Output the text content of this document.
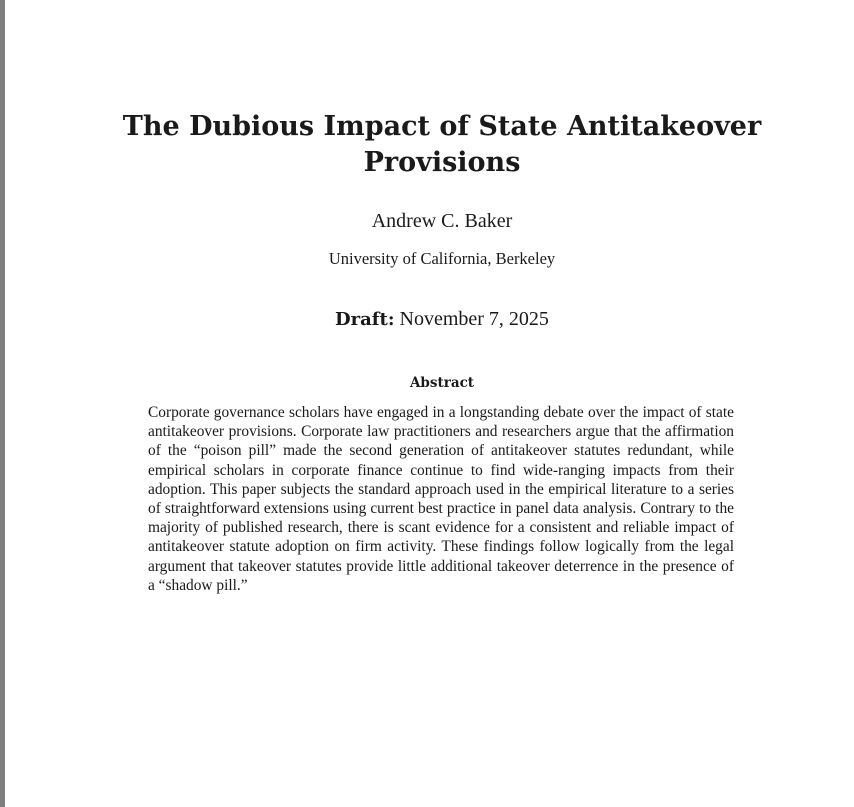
The Dubious Impact of State Antitakeover Provisions
Andrew C. Baker
University of California, Berkeley
Draft: November 7, 2025
Abstract

Corporate governance scholars have engaged in a longstanding debate over the impact of state antitakeover provisions. Corporate law practitioners and researchers argue that the affirmation of the “poison pill” made the second generation of antitakeover statutes redundant, while empirical scholars in corporate finance continue to find wide-ranging impacts from their adoption. This paper subjects the standard approach used in the empirical literature to a series of straightforward extensions using current best practice in panel data analysis. Contrary to the majority of published research, there is scant evidence for a consistent and reliable impact of antitakeover statute adoption on firm activity. These findings follow logically from the legal argument that takeover statutes provide little additional takeover deterrence in the presence of a “shadow pill.”
